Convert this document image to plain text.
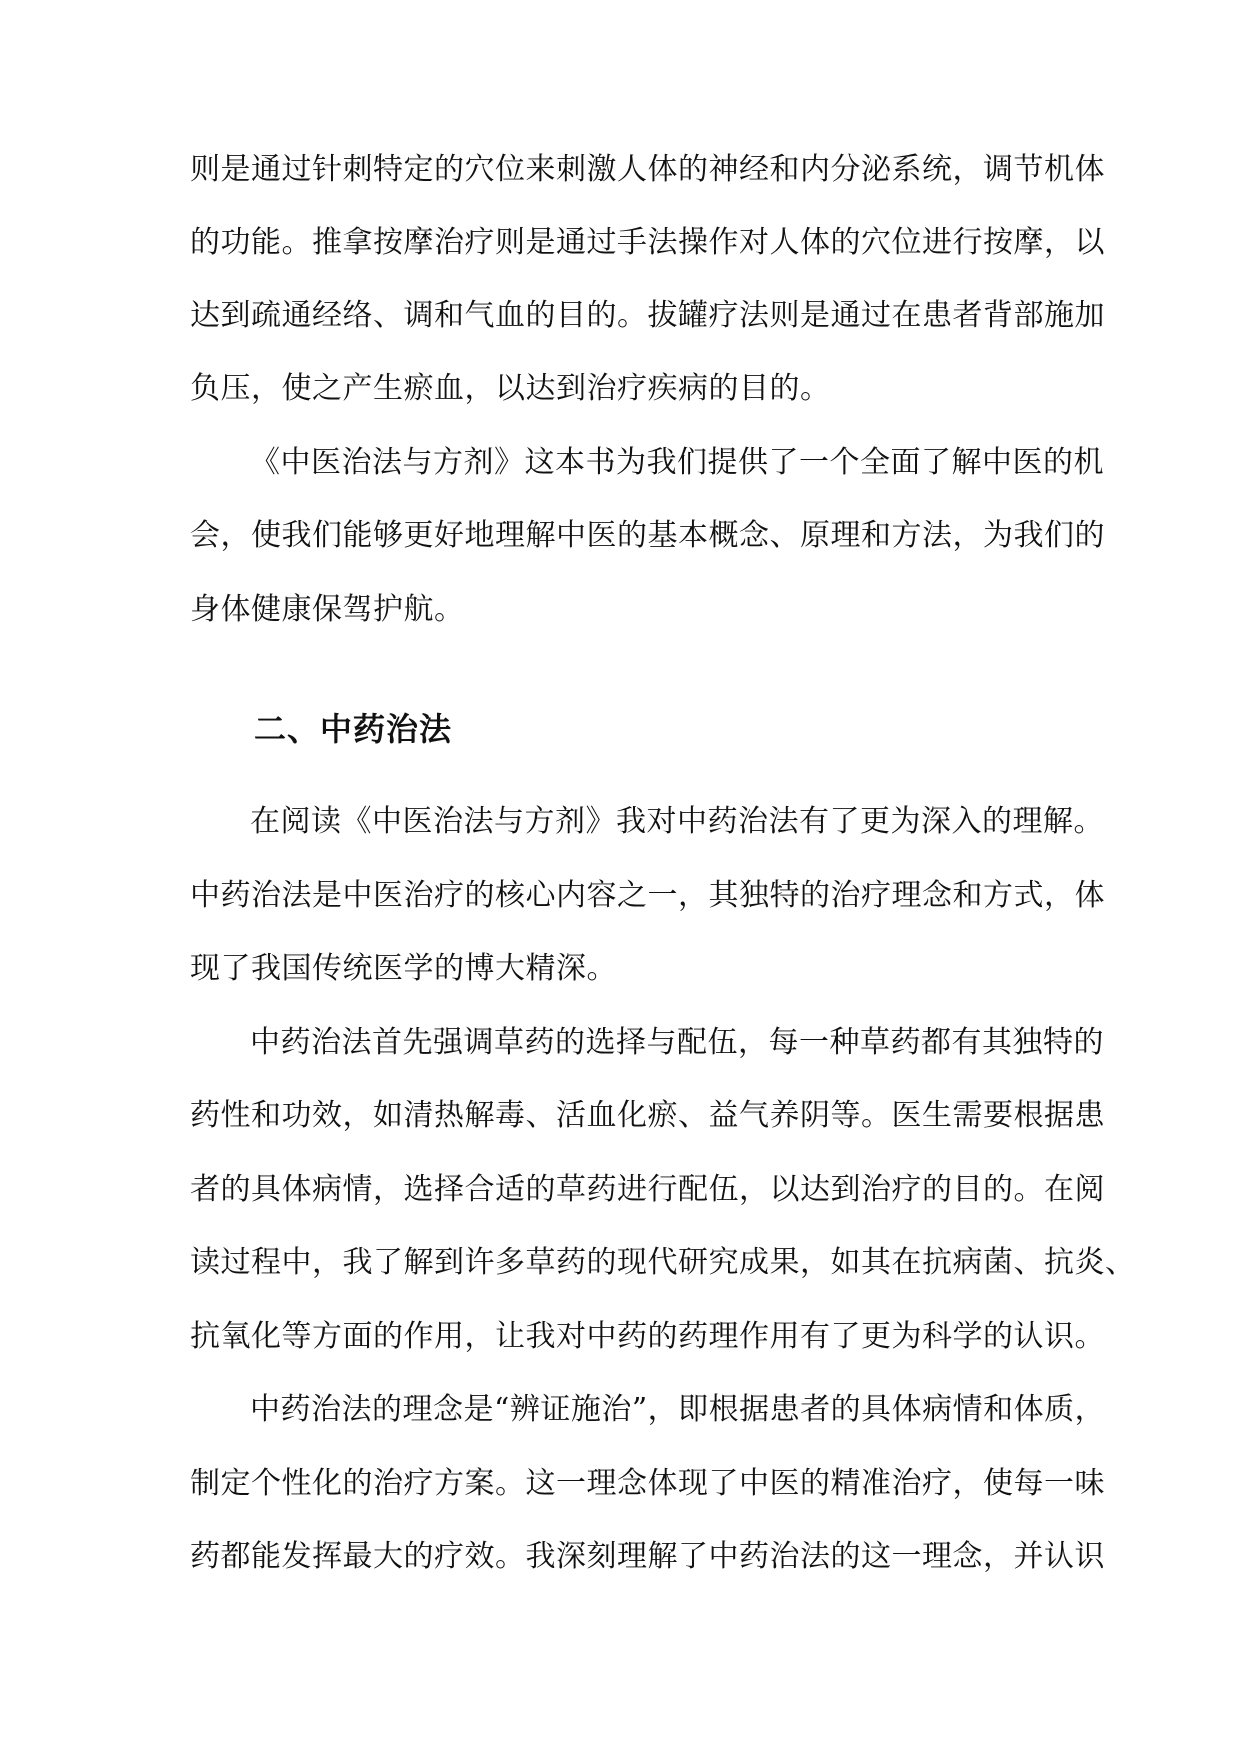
则是通过针刺特定的穴位来刺激人体的神经和内分泌系统，调节机体
的功能。推拿按摩治疗则是通过手法操作对人体的穴位进行按摩，以
达到疏通经络、调和气血的目的。拔罐疗法则是通过在患者背部施加
负压，使之产生瘀血，以达到治疗疾病的目的。
《中医治法与方剂》这本书为我们提供了一个全面了解中医的机
会，使我们能够更好地理解中医的基本概念、原理和方法，为我们的
身体健康保驾护航。
二、中药治法
在阅读《中医治法与方剂》我对中药治法有了更为深入的理解。
中药治法是中医治疗的核心内容之一，其独特的治疗理念和方式，体
现了我国传统医学的博大精深。
中药治法首先强调草药的选择与配伍，每一种草药都有其独特的
药性和功效，如清热解毒、活血化瘀、益气养阴等。医生需要根据患
者的具体病情，选择合适的草药进行配伍，以达到治疗的目的。在阅
读过程中，我了解到许多草药的现代研究成果，如其在抗病菌、抗炎、
抗氧化等方面的作用，让我对中药的药理作用有了更为科学的认识。
中药治法的理念是“辨证施治”，即根据患者的具体病情和体质，
制定个性化的治疗方案。这一理念体现了中医的精准治疗，使每一味
药都能发挥最大的疗效。我深刻理解了中药治法的这一理念，并认识
